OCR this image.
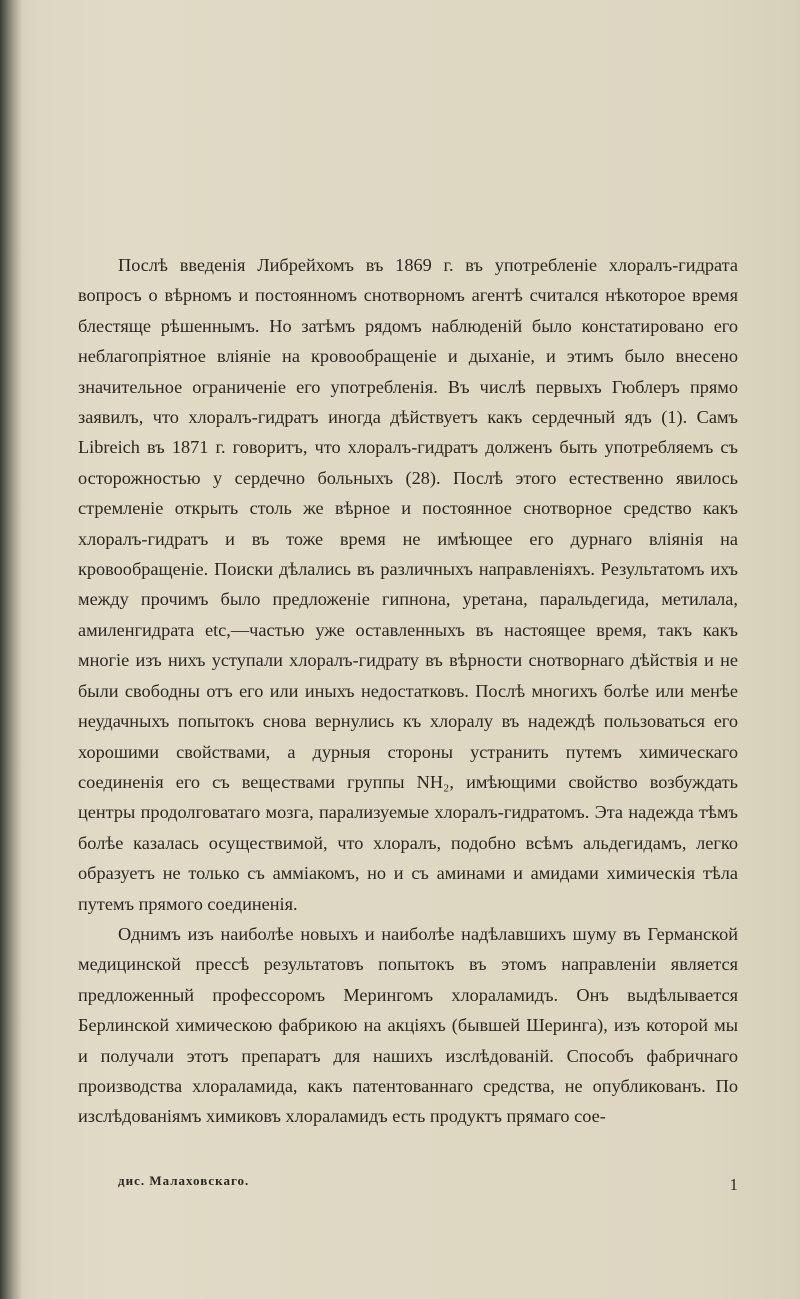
Послѣ введенія Либрейхомъ въ 1869 г. въ употребленіе хлоралъ-гидрата вопросъ о вѣрномъ и постоянномъ снотворномъ агентѣ считался нѣкоторое время блестяще рѣшеннымъ. Но затѣмъ рядомъ наблюденій было констатировано его неблагопріятное вліяніе на кровообращеніе и дыханіе, и этимъ было внесено значительное ограниченіе его употребленія. Въ числѣ первыхъ Гюблеръ прямо заявилъ, что хлоралъ-гидратъ иногда дѣйствуетъ какъ сердечный ядъ (1). Самъ Libreich въ 1871 г. говоритъ, что хлоралъ-гидратъ долженъ быть употребляемъ съ осторожностью у сердечно больныхъ (28). Послѣ этого естественно явилось стремленіе открыть столь же вѣрное и постоянное снотворное средство какъ хлоралъ-гидратъ и въ тоже время не имѣющее его дурнаго вліянія на кровообращеніе. Поиски дѣлались въ различныхъ направленіяхъ. Результатомъ ихъ между прочимъ было предложеніе гипнона, уретана, паральдегида, метилала, амиленгидрата etc,—частью уже оставленныхъ въ настоящее время, такъ какъ многіе изъ нихъ уступали хлоралъ-гидрату въ вѣрности снотворнаго дѣйствія и не были свободны отъ его или иныхъ недостатковъ. Послѣ многихъ болѣе или менѣе неудачныхъ попытокъ снова вернулись къ хлоралу въ надеждѣ пользоваться его хорошими свойствами, а дурныя стороны устранить путемъ химическаго соединенія его съ веществами группы NH₂, имѣющими свойство возбуждать центры продолговатаго мозга, парализуемые хлоралъ-гидратомъ. Эта надежда тѣмъ болѣе казалась осуществимой, что хлоралъ, подобно всѣмъ альдегидамъ, легко образуетъ не только съ амміакомъ, но и съ аминами и амидами химическія тѣла путемъ прямого соединенія.

Однимъ изъ наиболѣе новыхъ и наиболѣе надѣлавшихъ шуму въ Германской медицинской прессѣ результатовъ попытокъ въ этомъ направленіи является предложенный профессоромъ Мерингомъ хлораламидъ. Онъ выдѣлывается Берлинской химическою фабрикою на акціяхъ (бывшей Шеринга), изъ которой мы и получали этотъ препаратъ для нашихъ изслѣдованій. Способъ фабричнаго производства хлораламида, какъ патентованнаго средства, не опубликованъ. По изслѣдованіямъ химиковъ хлораламидъ есть продуктъ прямаго сое-

дис. Малаховскаго.	1
